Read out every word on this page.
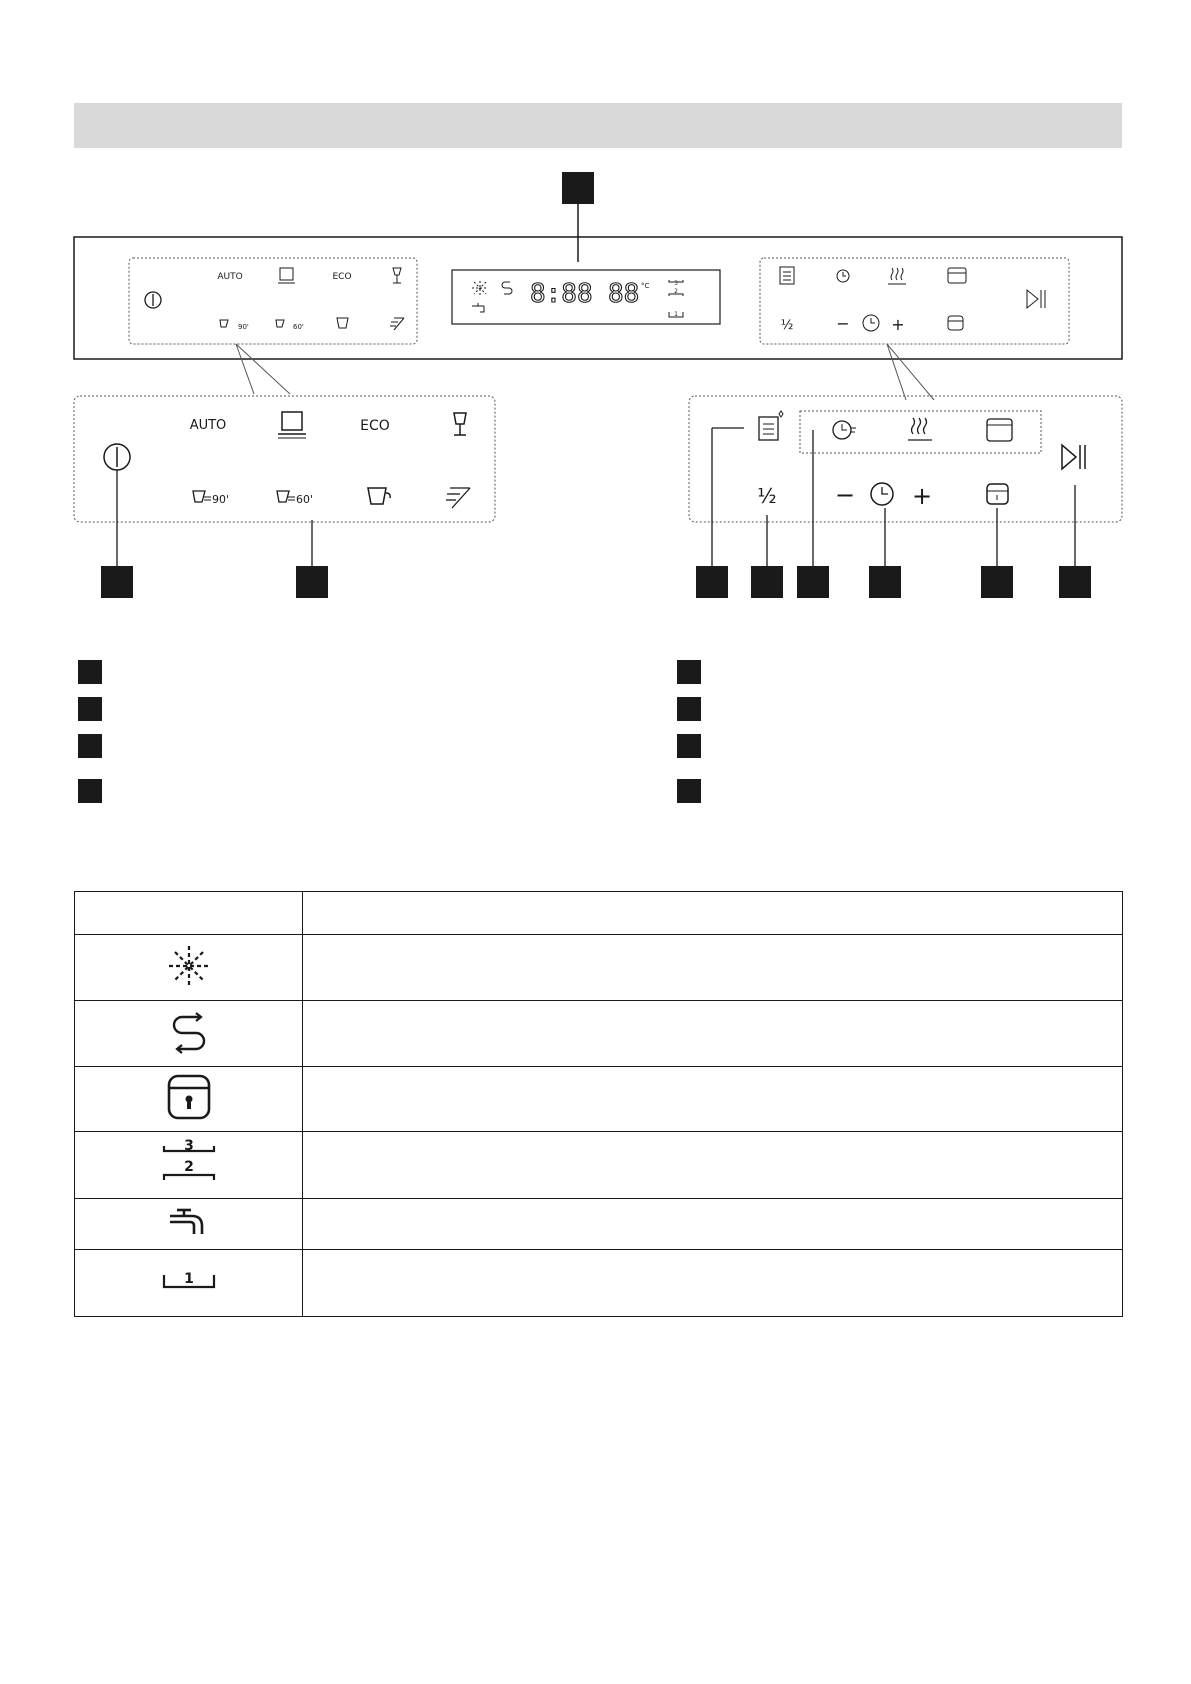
AUTO	ECO
90'	60'
8:88 88 °C	3
2
1
½	−	+
AUTO	ECO
90'	60'	½ − +

3
2	

1	
